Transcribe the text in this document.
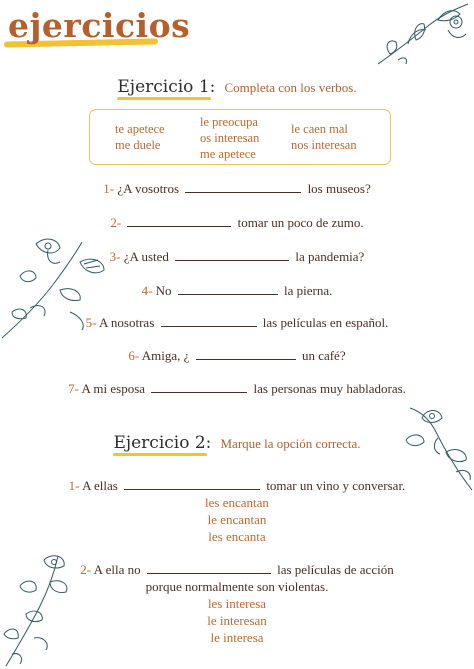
ejercicios
Ejercicio 1: Completa con los verbos.
te apetece
me duele
le preocupa
os interesan
me apetece
le caen mal
nos interesan
1- ¿A vosotros	los museos?
2-	tomar un poco de zumo.
3- ¿A usted	la pandemia?
4- No	la pierna.
5- A nosotras	las películas en español.
6- Amiga, ¿	un café?
7- A mi esposa	las personas muy habladoras.
Ejercicio 2: Marque la opción correcta.
1- A ellas	tomar un vino y conversar.
les encantan
le encantan
les encanta
2- A ella no	las películas de acción
porque normalmente son violentas.
les interesa
le interesan
le interesa
